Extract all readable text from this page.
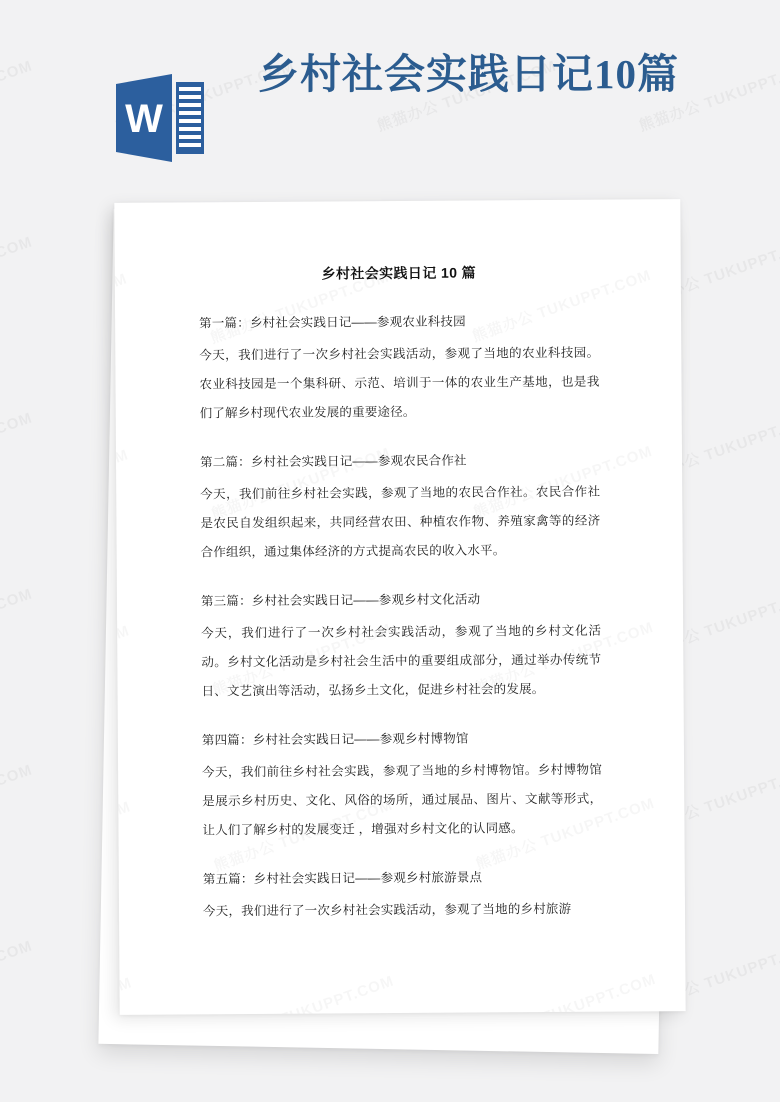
乡村社会实践日记 10 篇
第一篇：乡村社会实践日记——参观农业科技园
今天，我们进行了一次乡村社会实践活动，参观了当地的农业科技园。农业科技园是一个集科研、示范、培训于一体的农业生产基地，也是我们了解乡村现代农业发展的重要途径。
第二篇：乡村社会实践日记——参观农民合作社
今天，我们前往乡村社会实践，参观了当地的农民合作社。农民合作社是农民自发组织起来，共同经营农田、种植农作物、养殖家禽等的经济合作组织，通过集体经济的方式提高农民的收入水平。
第三篇：乡村社会实践日记——参观乡村文化活动
今天，我们进行了一次乡村社会实践活动，参观了当地的乡村文化活动。乡村文化活动是乡村社会生活中的重要组成部分，通过举办传统节日、文艺演出等活动，弘扬乡土文化，促进乡村社会的发展。
第四篇：乡村社会实践日记——参观乡村博物馆
今天，我们前往乡村社会实践，参观了当地的乡村博物馆。乡村博物馆是展示乡村历史、文化、风俗的场所，通过展品、图片、文献等形式，让人们了解乡村的发展变迁 ，增强对乡村文化的认同感。
第五篇：乡村社会实践日记——参观乡村旅游景点
今天，我们进行了一次乡村社会实践活动，参观了当地的乡村旅游
W
乡村社会实践日记10篇
